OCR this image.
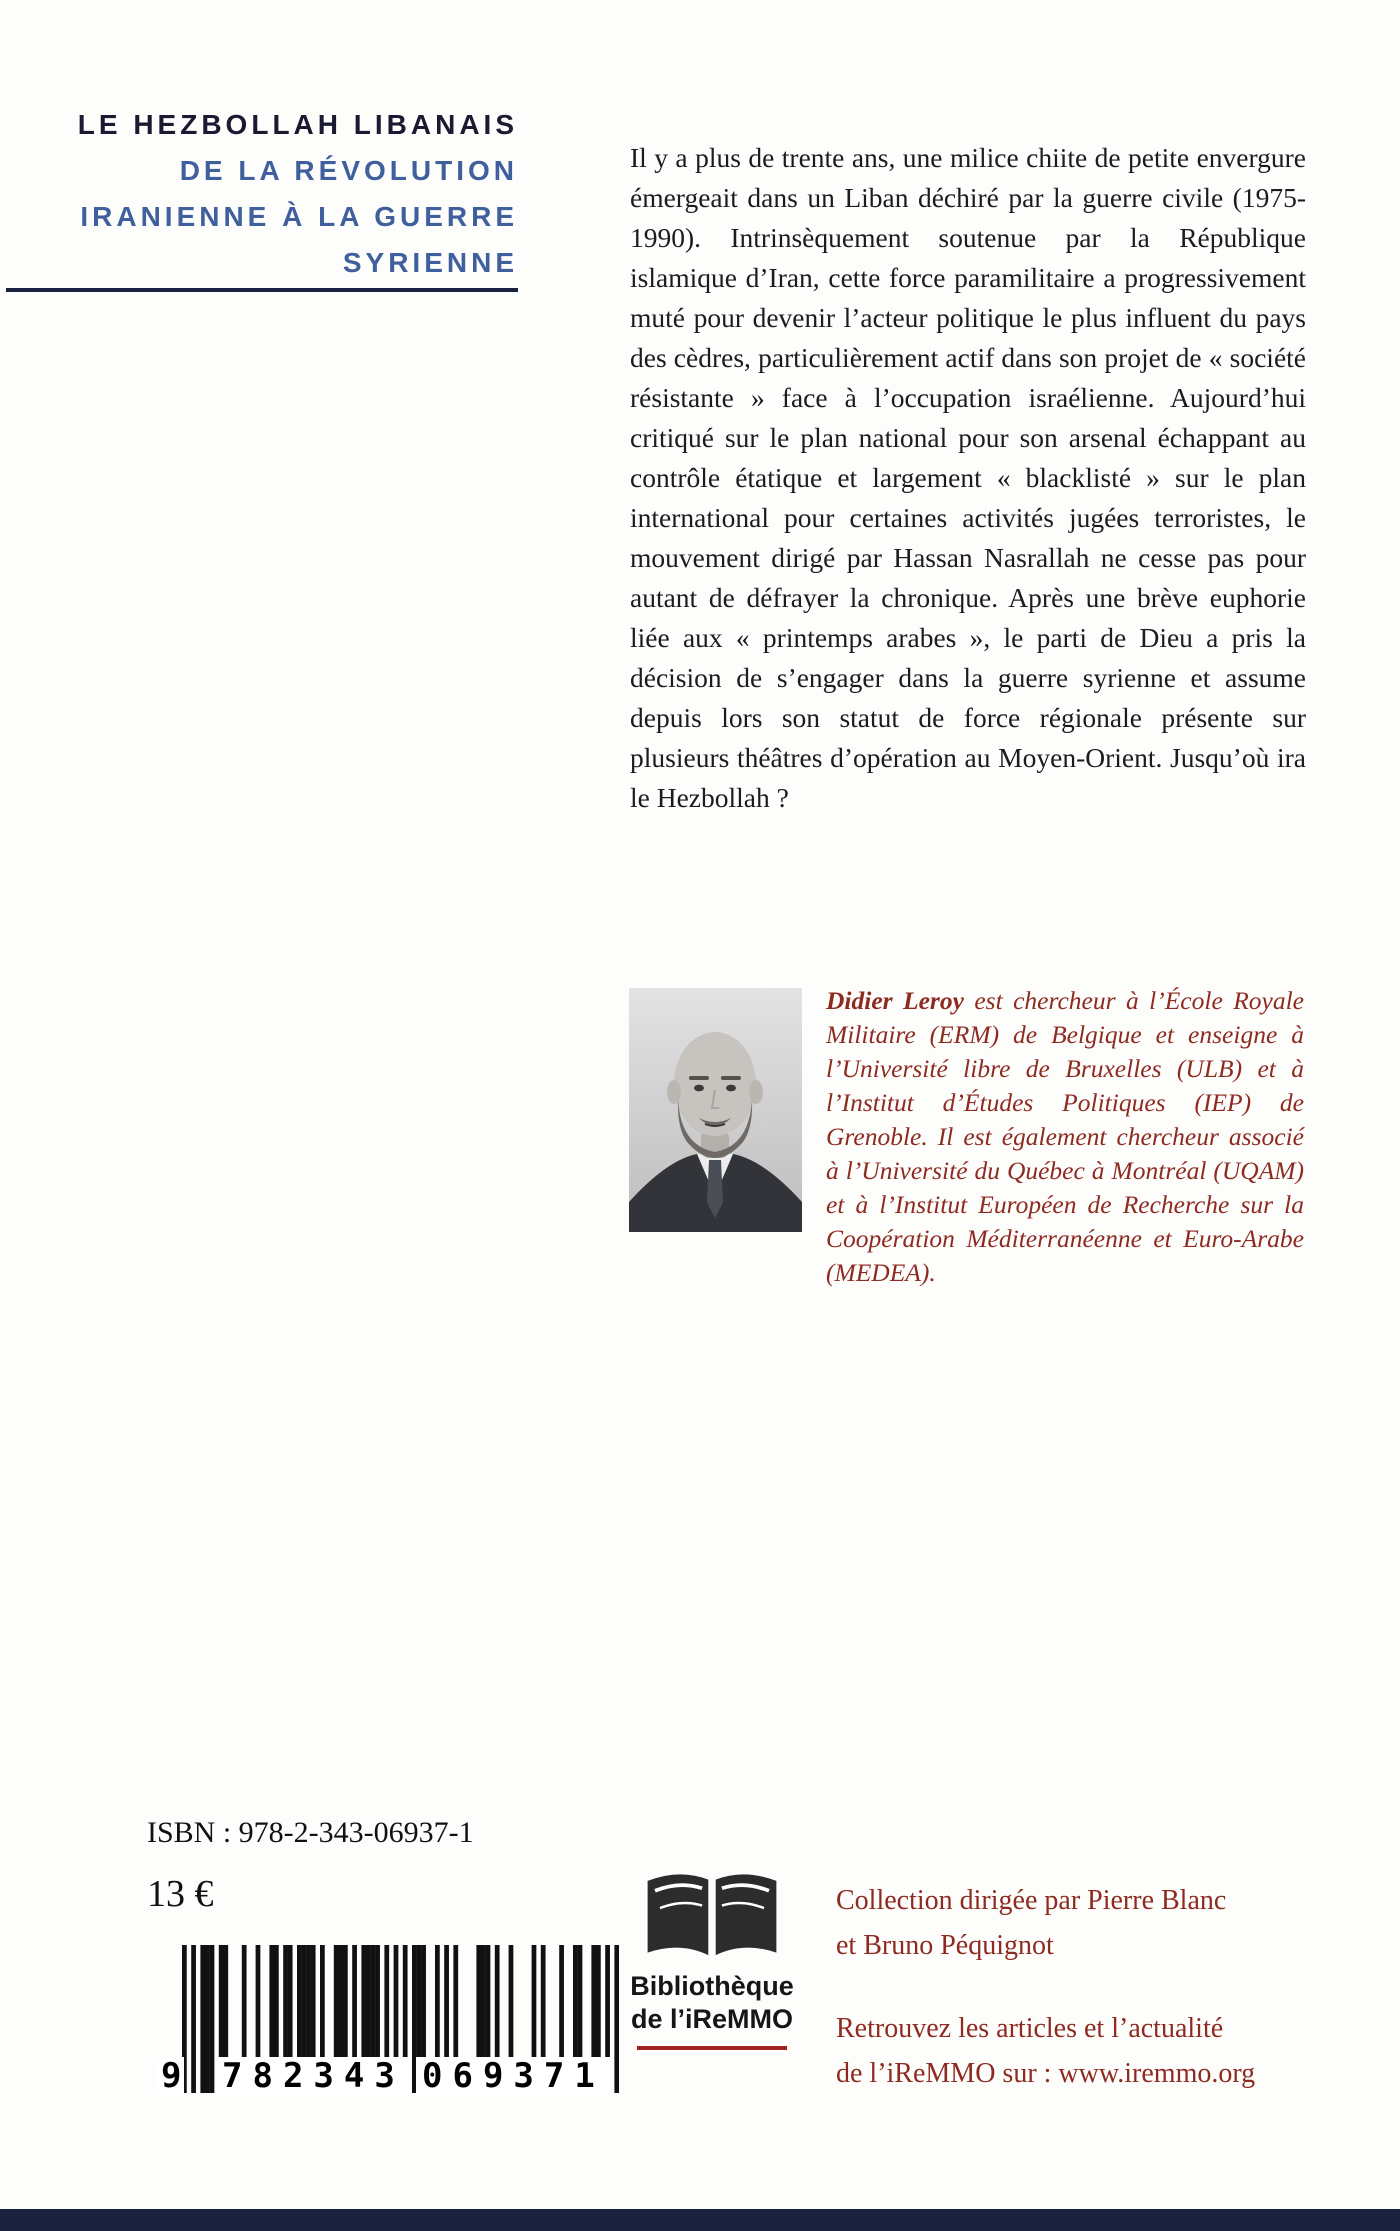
LE HEZBOLLAH LIBANAIS
DE LA RÉVOLUTION
IRANIENNE À LA GUERRE
SYRIENNE

Il y a plus de trente ans, une milice chiite de petite envergure émergeait dans un Liban déchiré par la guerre civile (1975-1990). Intrinsèquement soutenue par la République islamique d’Iran, cette force paramilitaire a progressivement muté pour devenir l’acteur politique le plus influent du pays des cèdres, particulièrement actif dans son projet de « société résistante » face à l’occupation israélienne. Aujourd’hui critiqué sur le plan national pour son arsenal échappant au contrôle étatique et largement « blacklisté » sur le plan international pour certaines activités jugées terroristes, le mouvement dirigé par Hassan Nasrallah ne cesse pas pour autant de défrayer la chronique. Après une brève euphorie liée aux « printemps arabes », le parti de Dieu a pris la décision de s’engager dans la guerre syrienne et assume depuis lors son statut de force régionale présente sur plusieurs théâtres d’opération au Moyen-Orient. Jusqu’où ira le Hezbollah ?

Didier Leroy est chercheur à l’École Royale Militaire (ERM) de Belgique et enseigne à l’Université libre de Bruxelles (ULB) et à l’Institut d’Études Politiques (IEP) de Grenoble. Il est également chercheur associé à l’Université du Québec à Montréal (UQAM) et à l’Institut Européen de Recherche sur la Coopération Méditerranéenne et Euro-Arabe (MEDEA).

ISBN : 978-2-343-06937-1
13 €
9 782343 069371
Bibliothèque
de l’iReMMO
Collection dirigée par Pierre Blanc
et Bruno Péquignot
Retrouvez les articles et l’actualité
de l’iReMMO sur : www.iremmo.org
